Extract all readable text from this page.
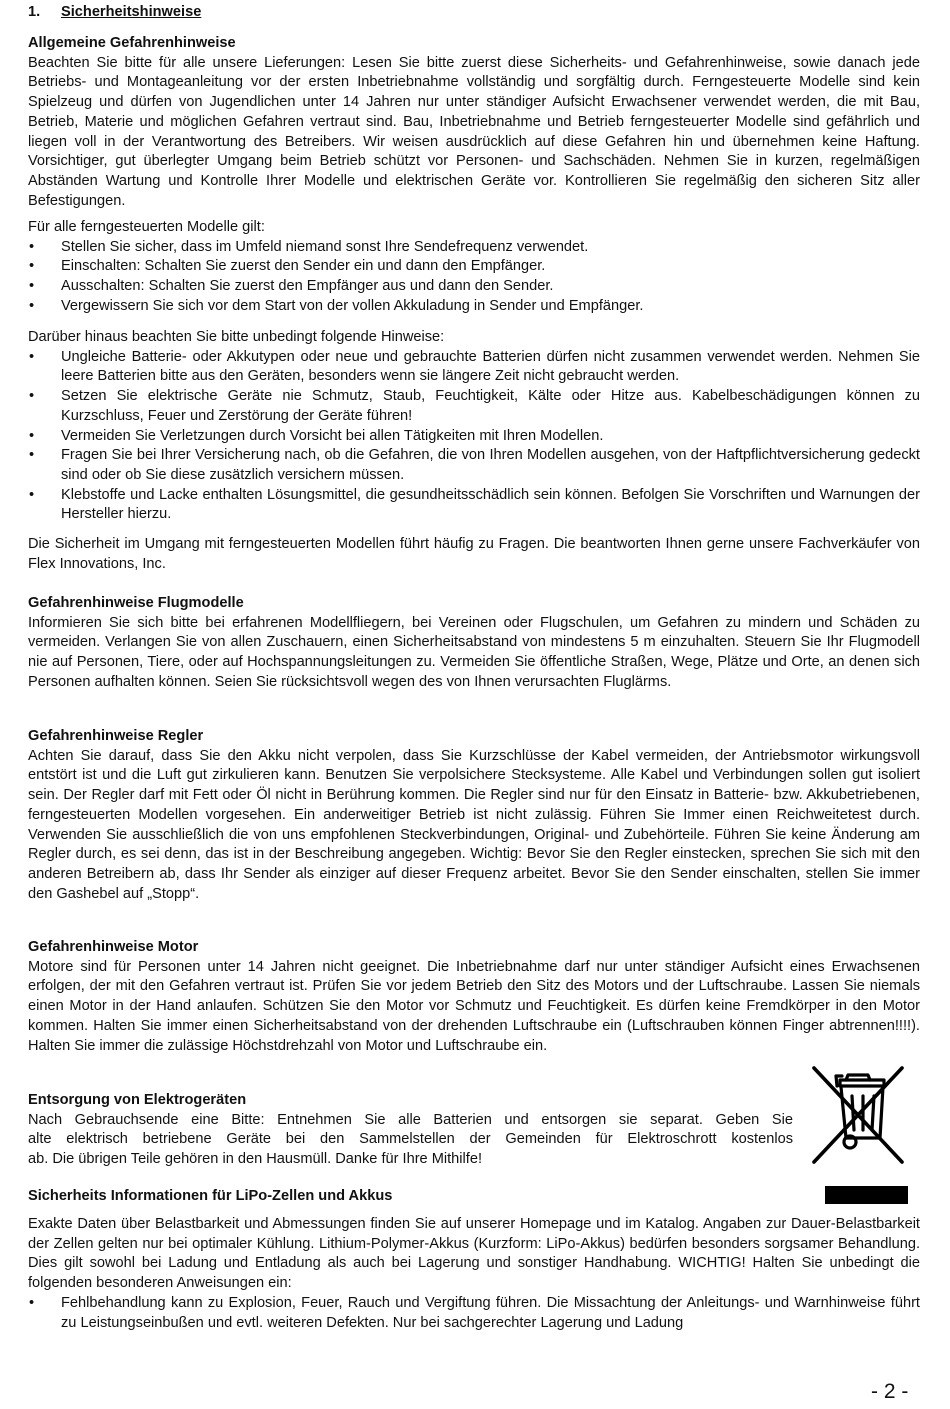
1. Sicherheitshinweise
Allgemeine Gefahrenhinweise
Beachten Sie bitte für alle unsere Lieferungen: Lesen Sie bitte zuerst diese Sicherheits- und Gefahrenhinweise, sowie danach jede Betriebs- und Montageanleitung vor der ersten Inbetriebnahme vollständig und sorgfältig durch. Ferngesteuerte Modelle sind kein Spielzeug und dürfen von Jugendlichen unter 14 Jahren nur unter ständiger Aufsicht Erwachsener verwendet werden, die mit Bau, Betrieb, Materie und möglichen Gefahren vertraut sind. Bau, Inbetriebnahme und Betrieb ferngesteuerter Modelle sind gefährlich und liegen voll in der Verantwortung des Betreibers. Wir weisen ausdrücklich auf diese Gefahren hin und übernehmen keine Haftung. Vorsichtiger, gut überlegter Umgang beim Betrieb schützt vor Personen- und Sachschäden. Nehmen Sie in kurzen, regelmäßigen Abständen Wartung und Kontrolle Ihrer Modelle und elektrischen Geräte vor. Kontrollieren Sie regelmäßig den sicheren Sitz aller Befestigungen.
Für alle ferngesteuerten Modelle gilt:
• Stellen Sie sicher, dass im Umfeld niemand sonst Ihre Sendefrequenz verwendet.
• Einschalten: Schalten Sie zuerst den Sender ein und dann den Empfänger.
• Ausschalten: Schalten Sie zuerst den Empfänger aus und dann den Sender.
• Vergewissern Sie sich vor dem Start von der vollen Akkuladung in Sender und Empfänger.
Darüber hinaus beachten Sie bitte unbedingt folgende Hinweise:
• Ungleiche Batterie- oder Akkutypen oder neue und gebrauchte Batterien dürfen nicht zusammen verwendet werden. Nehmen Sie leere Batterien bitte aus den Geräten, besonders wenn sie längere Zeit nicht gebraucht werden.
• Setzen Sie elektrische Geräte nie Schmutz, Staub, Feuchtigkeit, Kälte oder Hitze aus. Kabelbeschädigungen können zu Kurzschluss, Feuer und Zerstörung der Geräte führen!
• Vermeiden Sie Verletzungen durch Vorsicht bei allen Tätigkeiten mit Ihren Modellen.
• Fragen Sie bei Ihrer Versicherung nach, ob die Gefahren, die von Ihren Modellen ausgehen, von der Haftpflichtversicherung gedeckt sind oder ob Sie diese zusätzlich versichern müssen.
• Klebstoffe und Lacke enthalten Lösungsmittel, die gesundheitsschädlich sein können. Befolgen Sie Vorschriften und Warnungen der Hersteller hierzu.
Die Sicherheit im Umgang mit ferngesteuerten Modellen führt häufig zu Fragen. Die beantworten Ihnen gerne unsere Fachverkäufer von Flex Innovations, Inc.
Gefahrenhinweise Flugmodelle
Informieren Sie sich bitte bei erfahrenen Modellfliegern, bei Vereinen oder Flugschulen, um Gefahren zu mindern und Schäden zu vermeiden. Verlangen Sie von allen Zuschauern, einen Sicherheitsabstand von mindestens 5 m einzuhalten. Steuern Sie Ihr Flugmodell nie auf Personen, Tiere, oder auf Hochspannungsleitungen zu. Vermeiden Sie öffentliche Straßen, Wege, Plätze und Orte, an denen sich Personen aufhalten können. Seien Sie rücksichtsvoll wegen des von Ihnen verursachten Fluglärms.
Gefahrenhinweise Regler
Achten Sie darauf, dass Sie den Akku nicht verpolen, dass Sie Kurzschlüsse der Kabel vermeiden, der Antriebsmotor wirkungsvoll entstört ist und die Luft gut zirkulieren kann. Benutzen Sie verpolsichere Stecksysteme. Alle Kabel und Verbindungen sollen gut isoliert sein. Der Regler darf mit Fett oder Öl nicht in Berührung kommen. Die Regler sind nur für den Einsatz in Batterie- bzw. Akkubetriebenen, ferngesteuerten Modellen vorgesehen. Ein anderweitiger Betrieb ist nicht zulässig. Führen Sie Immer einen Reichweitetest durch. Verwenden Sie ausschließlich die von uns empfohlenen Steckverbindungen, Original- und Zubehörteile. Führen Sie keine Änderung am Regler durch, es sei denn, das ist in der Beschreibung angegeben. Wichtig: Bevor Sie den Regler einstecken, sprechen Sie sich mit den anderen Betreibern ab, dass Ihr Sender als einziger auf dieser Frequenz arbeitet. Bevor Sie den Sender einschalten, stellen Sie immer den Gashebel auf „Stopp“.
Gefahrenhinweise Motor
Motore sind für Personen unter 14 Jahren nicht geeignet. Die Inbetriebnahme darf nur unter ständiger Aufsicht eines Erwachsenen erfolgen, der mit den Gefahren vertraut ist. Prüfen Sie vor jedem Betrieb den Sitz des Motors und der Luftschraube. Lassen Sie niemals einen Motor in der Hand anlaufen. Schützen Sie den Motor vor Schmutz und Feuchtigkeit. Es dürfen keine Fremdkörper in den Motor kommen. Halten Sie immer einen Sicherheitsabstand von der drehenden Luftschraube ein (Luftschrauben können Finger abtrennen!!!!). Halten Sie immer die zulässige Höchstdrehzahl von Motor und Luftschraube ein.
Entsorgung von Elektrogeräten
Nach Gebrauchsende eine Bitte: Entnehmen Sie alle Batterien und entsorgen sie separat. Geben Sie
alte elektrisch betriebene Geräte bei den Sammelstellen der Gemeinden für Elektroschrott kostenlos
ab. Die übrigen Teile gehören in den Hausmüll. Danke für Ihre Mithilfe!
Sicherheits Informationen für LiPo-Zellen und Akkus
Exakte Daten über Belastbarkeit und Abmessungen finden Sie auf unserer Homepage und im Katalog. Angaben zur Dauer-Belastbarkeit der Zellen gelten nur bei optimaler Kühlung. Lithium-Polymer-Akkus (Kurzform: LiPo-Akkus) bedürfen besonders sorgsamer Behandlung. Dies gilt sowohl bei Ladung und Entladung als auch bei Lagerung und sonstiger Handhabung. WICHTIG! Halten Sie unbedingt die folgenden besonderen Anweisungen ein:
• Fehlbehandlung kann zu Explosion, Feuer, Rauch und Vergiftung führen. Die Missachtung der Anleitungs- und Warnhinweise führt zu Leistungseinbußen und evtl. weiteren Defekten. Nur bei sachgerechter Lagerung und Ladung
- 2 -
